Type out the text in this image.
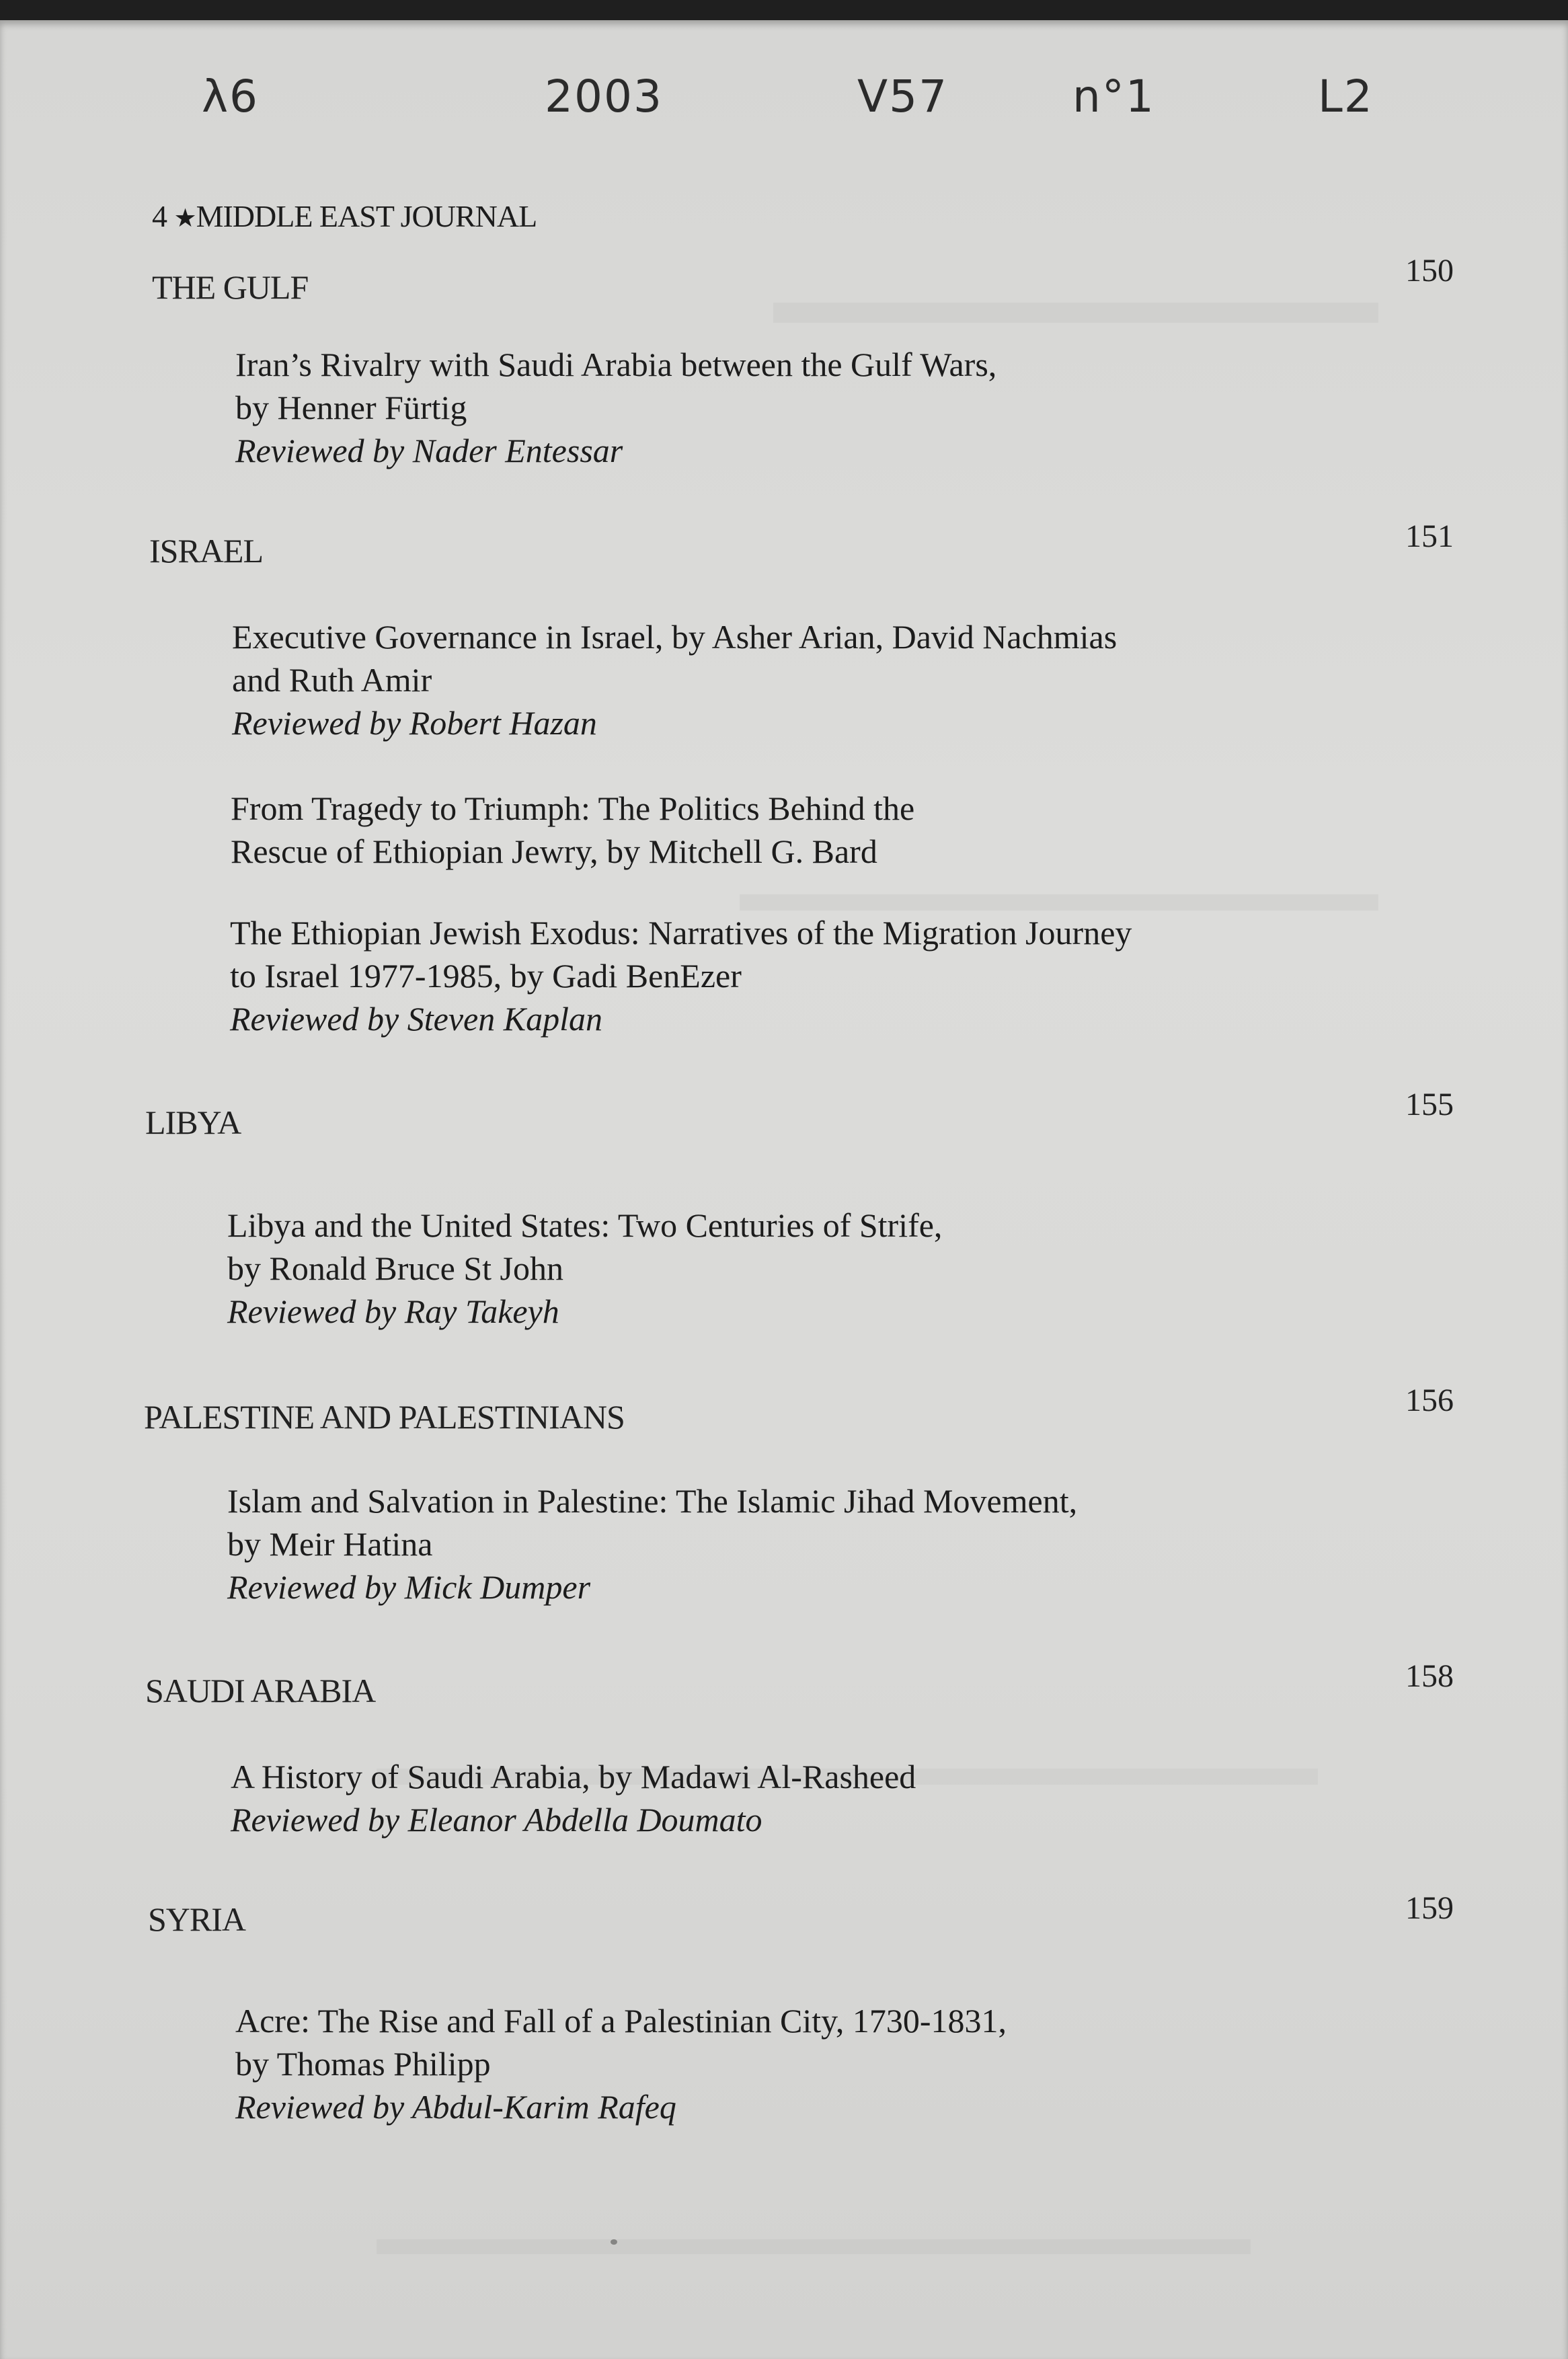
λ6	2003	V57	n°1	L2
4 ★MIDDLE EAST JOURNAL
THE GULF	150
Iran’s Rivalry with Saudi Arabia between the Gulf Wars,
by Henner Fürtig
Reviewed by Nader Entessar
ISRAEL	151
Executive Governance in Israel, by Asher Arian, David Nachmias
and Ruth Amir
Reviewed by Robert Hazan
From Tragedy to Triumph: The Politics Behind the
Rescue of Ethiopian Jewry, by Mitchell G. Bard
The Ethiopian Jewish Exodus: Narratives of the Migration Journey
to Israel 1977-1985, by Gadi BenEzer
Reviewed by Steven Kaplan
LIBYA	155
Libya and the United States: Two Centuries of Strife,
by Ronald Bruce St John
Reviewed by Ray Takeyh
PALESTINE AND PALESTINIANS	156
Islam and Salvation in Palestine: The Islamic Jihad Movement,
by Meir Hatina
Reviewed by Mick Dumper
SAUDI ARABIA	158
A History of Saudi Arabia, by Madawi Al-Rasheed
Reviewed by Eleanor Abdella Doumato
SYRIA	159
Acre: The Rise and Fall of a Palestinian City, 1730-1831,
by Thomas Philipp
Reviewed by Abdul-Karim Rafeq
